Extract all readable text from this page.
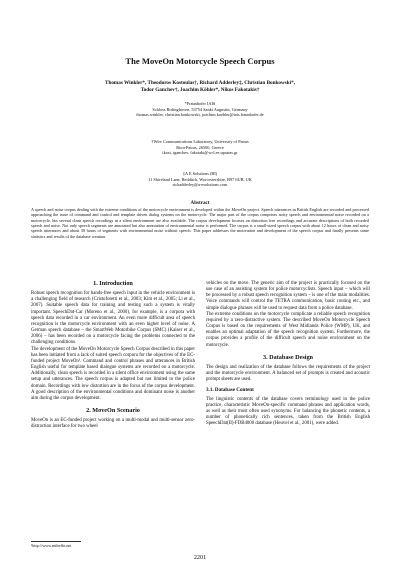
The MoveOn Motorcycle Speech Corpus
Thomas Winkler*, Theodoros Kostoulas†, Richard Adderley‡, Christian Bonkowski*,
Todor Ganchev†, Joachim Köhler*, Nikos Fakotakis†
*Fraunhofer IAIS
Schloss Birlinghoven, 53754 Sankt Augustin, Germany
thomas.winkler, christian.bonkowski, joachim.koehler@iais.fraunhofer.de
†Wire Communications Laboratory, University of Patras
Rion-Patras, 26500, Greece
tkost, tganchev, fakotaki@wcl.ee.upatras.gr
‡A E Solutions (BI)
11 Shireland Lane, Redditch, Worcestershire, B97 6UB, UK
rickadderley@a-esolutions.com
Abstract
A speech and noise corpus dealing with the extreme conditions of the motorcycle environment is developed within the MoveOn project. Speech utterances in British English are recorded and processed approaching the issue of command and control and template driven dialog systems on the motorcycle. The major part of the corpus comprises noisy speech and environmental noise recorded on a motorcycle, but several clean speech recordings in a silent environment are also available. The corpus development focuses on distortion free recordings and accurate descriptions of both recorded speech and noise. Not only speech segments are annotated but also annotation of environmental noise is performed. The corpus is a small-sized speech corpus with about 12 hours of clean and noisy speech utterances and about 30 hours of segments with environmental noise without speech. This paper addresses the motivation and development of the speech corpus and finally presents some statistics and results of the database creation.
1. Introduction

Robust speech recognition for hands-free speech input in the vehicle environment is a challenging field of research (Cristoforetti et al., 2003; Kim et al., 2005; Li et al., 2007). Suitable speech data for training and testing such a system is vitally important. SpeechDat-Car (Moreno et al., 2000), for example, is a corpora with speech data recorded in a car environment. An even more difficult area of speech recognition is the motorcycle environment with an even higher level of noise. A German speech database – the SmartWeb Motorbike Corpus (SMC) (Kaiser et al., 2006) – has been recorded on a motorcycle facing the problems connected to the challenging conditions.

The development of the MoveOn Motorcycle Speech Corpus described in this paper has been initiated from a lack of suited speech corpora for the objectives of the EC-funded project MoveOn¹. Command and control phrases and utterances in British English useful for template based dialogue systems are recorded on a motorcycle. Additionally, clean speech is recorded in a silent office environment using the same setup and utterances. The speech corpus is adapted but not limited to the police domain. Recordings with low distortion are in the focus of the corpus development. A good description of the environmental conditions and dominant noise is another aim during the corpus development.

2. MoveOn Scenario

MoveOn is an EC-funded project working on a multi-modal and multi-sensor zero-distraction interface for two wheel

vehicles on the move. The generic aim of the project is practically focused on the use case of an assisting system for police motorcyclists. Speech input – which will be processed by a robust speech recognition system – is one of the main modalities. Voice commands will control the TETRA communication, basic routing etc., and simple dialogue phrases will be used to request data from a police database.

The extreme conditions on the motorcycle complicate a reliable speech recognition required by a zero-distractive system. The described MoveOn Motorcycle Speech Corpus is based on the requirements of West Midlands Police (WMP), UK, and enables an optimal adaptation of the speech recognition system. Furthermore, the corpus provides a profile of the difficult speech and noise environment on the motorcycle.

3. Database Design

The design and realization of the database follows the requirements of the project and the motorcycle environment. A balanced set of prompts is created and acoustic prompt sheets are used.

3.1. Database Content

The linguistic contents of the database covers terminology used in the police practice, characteristic MoveOn-specific command phrases and application words, as well as their most often used synonyms. For balancing the phonetic contents, a number of phonetically rich sentences, taken from the British English SpeechDat(II)-FDB4000 database (Heuvel et al., 2001), were added.

¹http://www.mtbeffn.net
2201
